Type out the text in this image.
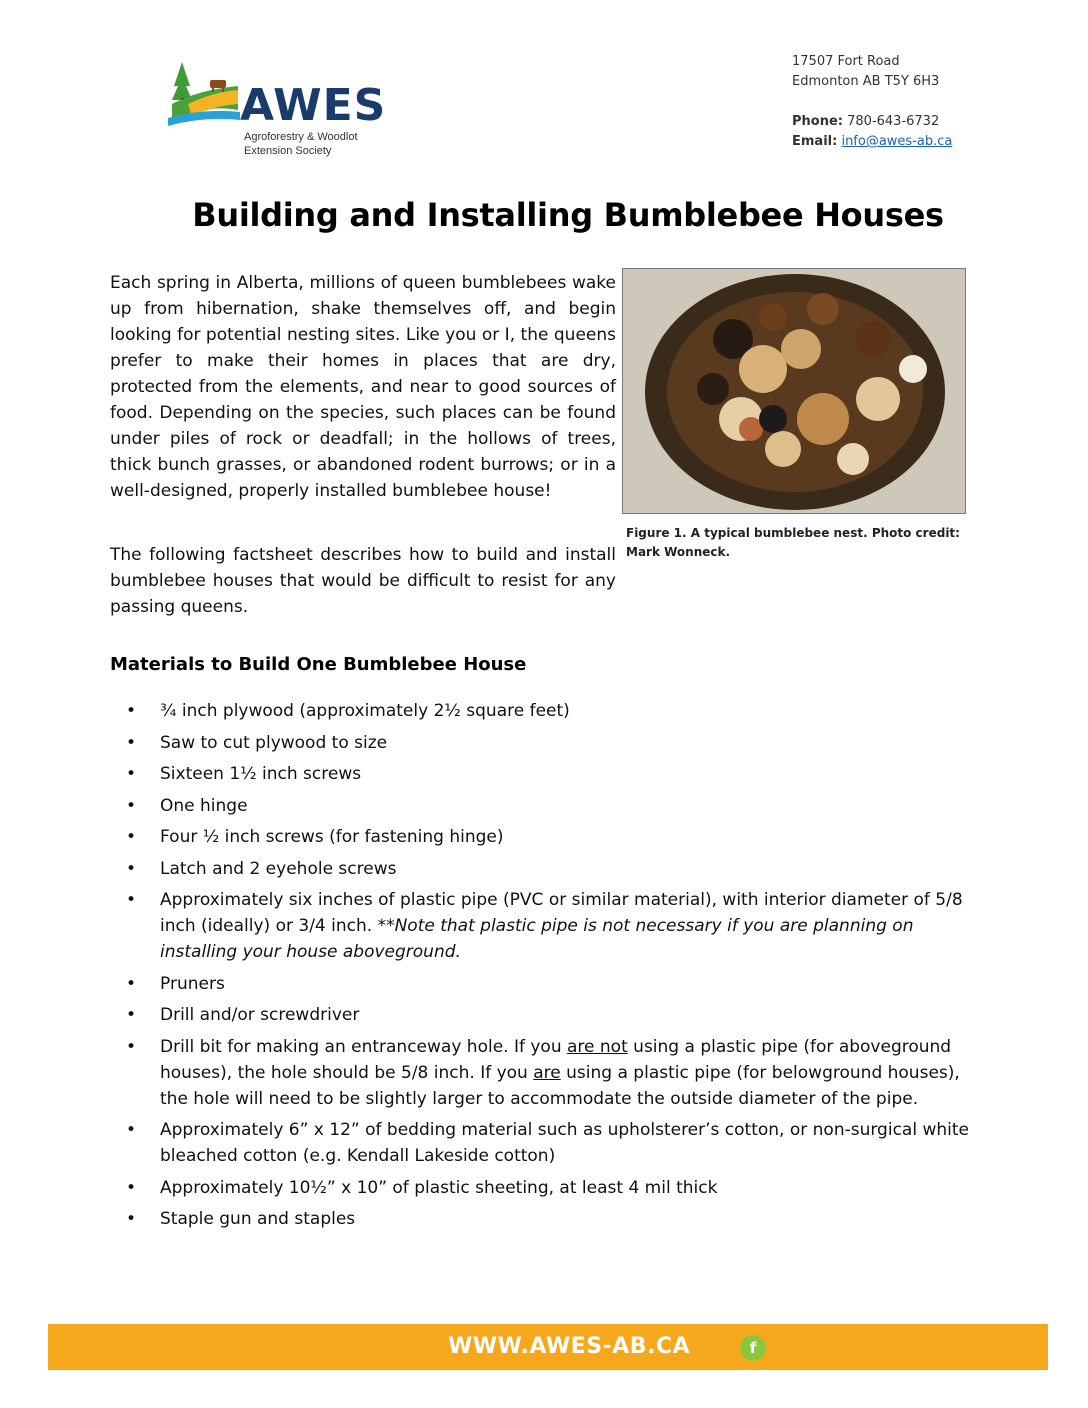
AWES
Agroforestry & Woodlot
Extension Society
17507 Fort Road
Edmonton AB T5Y 6H3
Phone: 780-643-6732
Email: info@awes-ab.ca
Building and Installing Bumblebee Houses

Each spring in Alberta, millions of queen bumblebees wake up from hibernation, shake themselves off, and begin looking for potential nesting sites. Like you or I, the queens prefer to make their homes in places that are dry, protected from the elements, and near to good sources of food. Depending on the species, such places can be found under piles of rock or deadfall; in the hollows of trees, thick bunch grasses, or abandoned rodent burrows; or in a well-designed, properly installed bumblebee house!

Figure 1. A typical bumblebee nest. Photo credit: Mark Wonneck.

The following factsheet describes how to build and install bumblebee houses that would be difficult to resist for any passing queens.

Materials to Build One Bumblebee House
• ¾ inch plywood (approximately 2½ square feet)
• Saw to cut plywood to size
• Sixteen 1½ inch screws
• One hinge
• Four ½ inch screws (for fastening hinge)
• Latch and 2 eyehole screws
• Approximately six inches of plastic pipe (PVC or similar material), with interior diameter of 5/8 inch (ideally) or 3/4 inch. **Note that plastic pipe is not necessary if you are planning on installing your house aboveground.
• Pruners
• Drill and/or screwdriver
• Drill bit for making an entranceway hole. If you are not using a plastic pipe (for aboveground houses), the hole should be 5/8 inch. If you are using a plastic pipe (for belowground houses), the hole will need to be slightly larger to accommodate the outside diameter of the pipe.
• Approximately 6” x 12” of bedding material such as upholsterer’s cotton, or non-surgical white bleached cotton (e.g. Kendall Lakeside cotton)
• Approximately 10½” x 10” of plastic sheeting, at least 4 mil thick
• Staple gun and staples
WWW.AWES-AB.CA	f
